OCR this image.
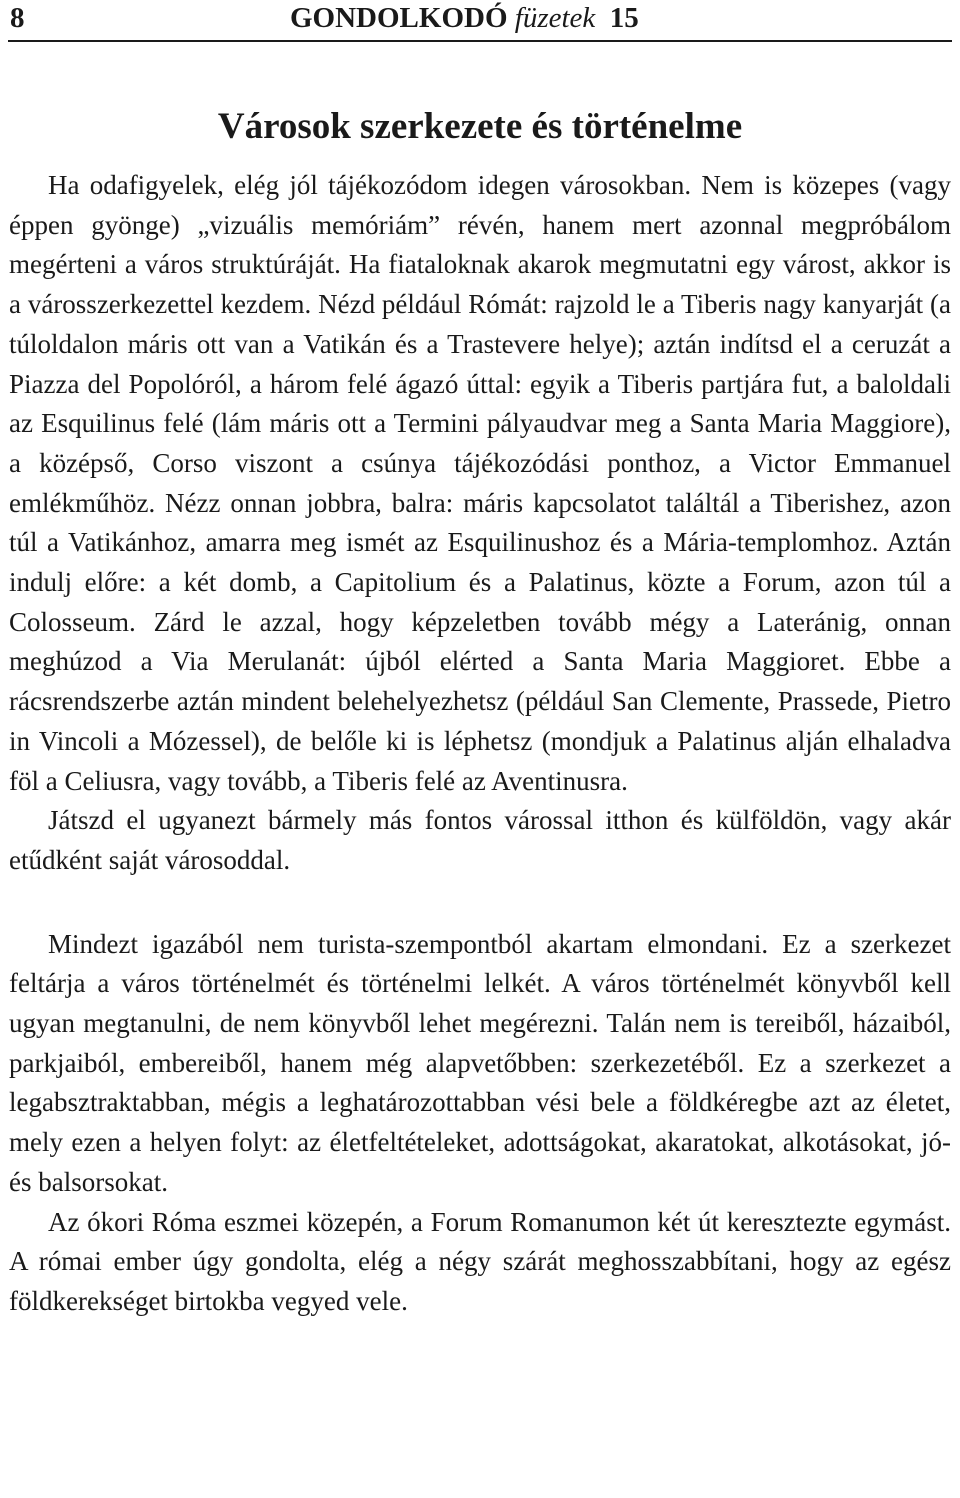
8	GONDOLKODÓ füzetek 15
Városok szerkezete és történelme

Ha odafigyelek, elég jól tájékozódom idegen városokban. Nem is közepes (vagy éppen gyönge) „vizuális memóriám” révén, hanem mert azonnal megpróbálom megérteni a város struktúráját. Ha fiataloknak akarok megmutatni egy várost, akkor is a városszerkezettel kezdem. Nézd például Rómát: rajzold le a Tiberis nagy kanyarját (a túloldalon máris ott van a Vatikán és a Trastevere helye); aztán indítsd el a ceruzát a Piazza del Popolóról, a három felé ágazó úttal: egyik a Tiberis partjára fut, a baloldali az Esquilinus felé (lám máris ott a Termini pályaudvar meg a Santa Maria Maggiore), a középső, Corso viszont a csúnya tájékozódási ponthoz, a Victor Emmanuel emlékműhöz. Nézz onnan jobbra, balra: máris kapcsolatot találtál a Tiberishez, azon túl a Vatikánhoz, amarra meg ismét az Esquilinushoz és a Mária-templomhoz. Aztán indulj előre: a két domb, a Capitolium és a Palatinus, közte a Forum, azon túl a Colosseum. Zárd le azzal, hogy képzeletben tovább mégy a Lateránig, onnan meghúzod a Via Merulanát: újból elérted a Santa Maria Maggioret. Ebbe a rácsrendszerbe aztán mindent belehelyezhetsz (például San Clemente, Prassede, Pietro in Vincoli a Mózessel), de belőle ki is léphetsz (mondjuk a Palatinus alján elhaladva föl a Celiusra, vagy tovább, a Tiberis felé az Aventinusra.

Játszd el ugyanezt bármely más fontos várossal itthon és külföldön, vagy akár etűdként saját városoddal.

Mindezt igazából nem turista-szempontból akartam elmondani. Ez a szerkezet feltárja a város történelmét és történelmi lelkét. A város történelmét könyvből kell ugyan megtanulni, de nem könyvből lehet megérezni. Talán nem is tereiből, házaiból, parkjaiból, embereiből, hanem még alapvetőbben: szerkezetéből. Ez a szerkezet a legabsztraktabban, mégis a leghatározottabban vési bele a földkéregbe azt az életet, mely ezen a helyen folyt: az életfeltételeket, adottságokat, akaratokat, alkotásokat, jó- és balsorsokat.

Az ókori Róma eszmei közepén, a Forum Romanumon két út keresztezte egymást. A római ember úgy gondolta, elég a négy szárát meghosszabbítani, hogy az egész földkerekséget birtokba vegyed vele.
